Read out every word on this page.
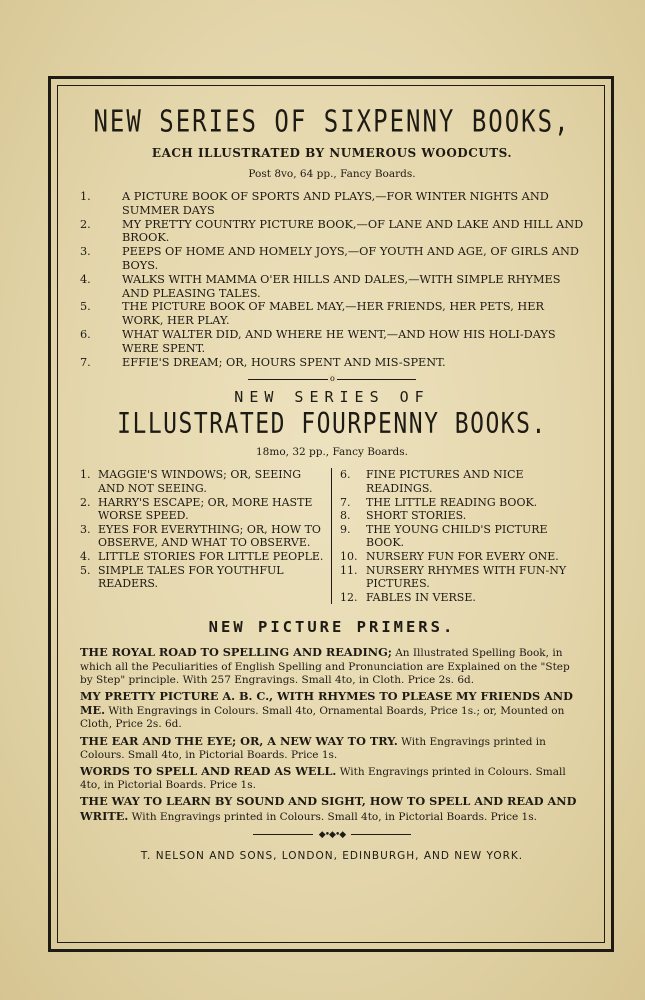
NEW SERIES OF SIXPENNY BOOKS,
EACH ILLUSTRATED BY NUMEROUS WOODCUTS.
Post 8vo, 64 pp., Fancy Boards.
1.	A PICTURE BOOK OF SPORTS AND PLAYS,—FOR WINTER NIGHTS AND SUMMER DAYS
2.	MY PRETTY COUNTRY PICTURE BOOK,—OF LANE AND LAKE AND HILL AND BROOK.
3.	PEEPS OF HOME AND HOMELY JOYS,—OF YOUTH AND AGE, OF GIRLS AND BOYS.
4.	WALKS WITH MAMMA O'ER HILLS AND DALES,—WITH SIMPLE RHYMES AND PLEASING TALES.
5.	THE PICTURE BOOK OF MABEL MAY,—HER FRIENDS, HER PETS, HER WORK, HER PLAY.
6.	WHAT WALTER DID, AND WHERE HE WENT,—AND HOW HIS HOLI-DAYS WERE SPENT.
7.	EFFIE'S DREAM; OR, HOURS SPENT AND MIS-SPENT.
o
NEW SERIES OF
ILLUSTRATED FOURPENNY BOOKS.
18mo, 32 pp., Fancy Boards.
1. MAGGIE'S WINDOWS; OR, SEEING AND NOT SEEING.
2. HARRY'S ESCAPE; OR, MORE HASTE WORSE SPEED.
3. EYES FOR EVERYTHING; OR, HOW TO OBSERVE, AND WHAT TO OBSERVE.
4. LITTLE STORIES FOR LITTLE PEOPLE.
5. SIMPLE TALES FOR YOUTHFUL READERS.
6. FINE PICTURES AND NICE READINGS.
7. THE LITTLE READING BOOK.
8. SHORT STORIES.
9. THE YOUNG CHILD'S PICTURE BOOK.
10. NURSERY FUN FOR EVERY ONE.
11. NURSERY RHYMES WITH FUN-NY PICTURES.
12. FABLES IN VERSE.
NEW PICTURE PRIMERS.
THE ROYAL ROAD TO SPELLING AND READING; An Illustrated Spelling Book, in which all the Peculiarities of English Spelling and Pronunciation are Explained on the "Step by Step" principle. With 257 Engravings. Small 4to, in Cloth. Price 2s. 6d.
MY PRETTY PICTURE A. B. C., WITH RHYMES TO PLEASE MY FRIENDS AND ME. With Engravings in Colours. Small 4to, Ornamental Boards, Price 1s.; or, Mounted on Cloth, Price 2s. 6d.
THE EAR AND THE EYE; OR, A NEW WAY TO TRY. With Engravings printed in Colours. Small 4to, in Pictorial Boards. Price 1s.
WORDS TO SPELL AND READ AS WELL. With Engravings printed in Colours. Small 4to, in Pictorial Boards. Price 1s.
THE WAY TO LEARN BY SOUND AND SIGHT, HOW TO SPELL AND READ AND WRITE. With Engravings printed in Colours. Small 4to, in Pictorial Boards. Price 1s.
◆•◆•◆
T. NELSON AND SONS, LONDON, EDINBURGH, AND NEW YORK.
